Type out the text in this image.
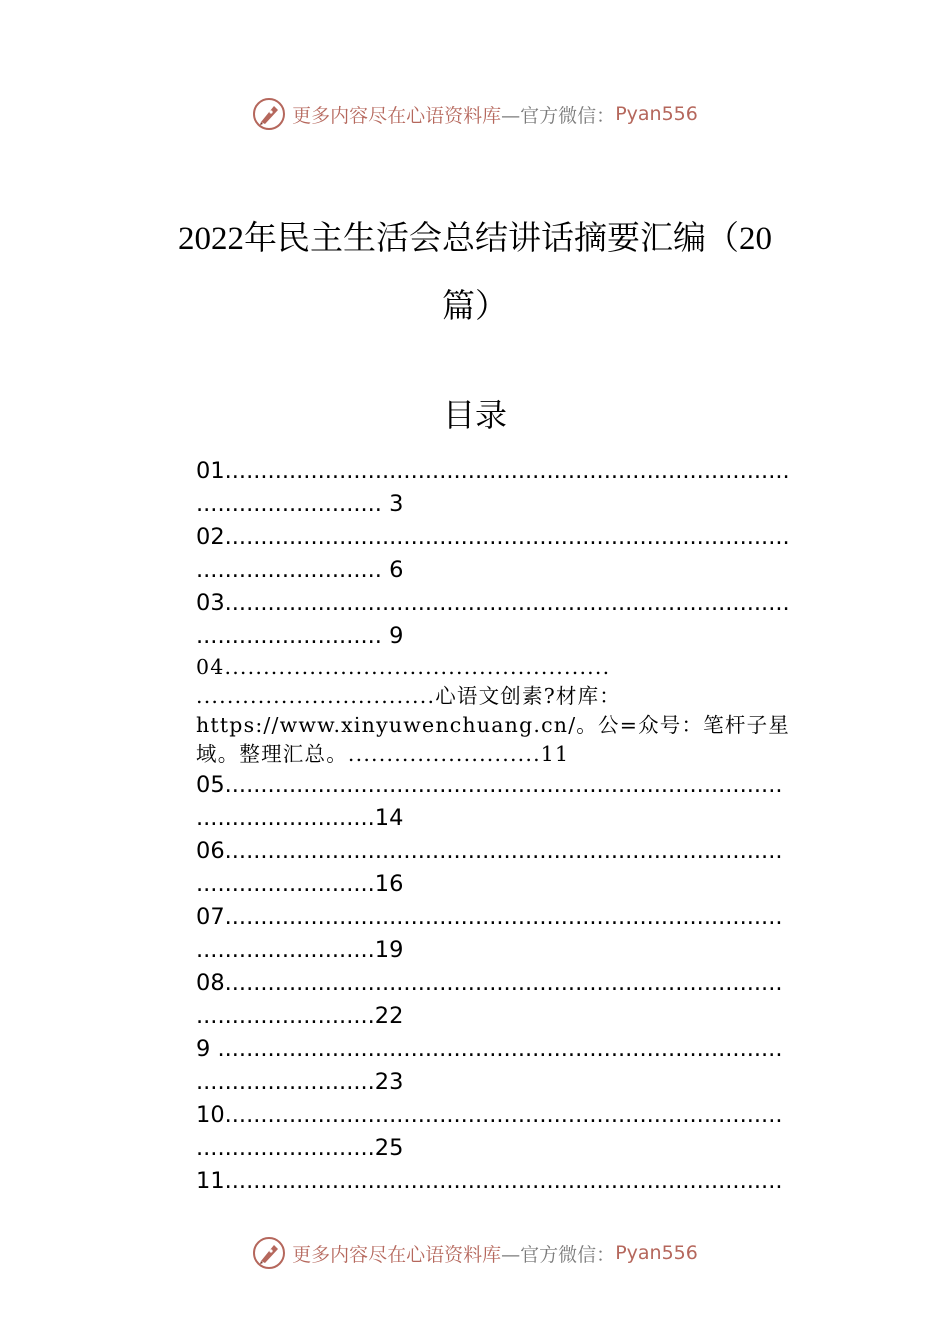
更多内容尽在心语资料库 —官方微信： Pyan556
2022年民主生活会总结讲话摘要汇编（20
篇）
目录
01...............................................................................
.......................... 3
02...............................................................................
.......................... 6
03...............................................................................
.......................... 9
04..................................................
...............................心语文创素?材库：
https://www.xinyuwenchuang.cn/。公=众号：笔杆子星
域。整理汇总。.........................11
05..............................................................................
.........................14
06..............................................................................
.........................16
07..............................................................................
.........................19
08..............................................................................
.........................22
9 ...............................................................................
.........................23
10..............................................................................
.........................25
11..............................................................................
更多内容尽在心语资料库 —官方微信： Pyan556
